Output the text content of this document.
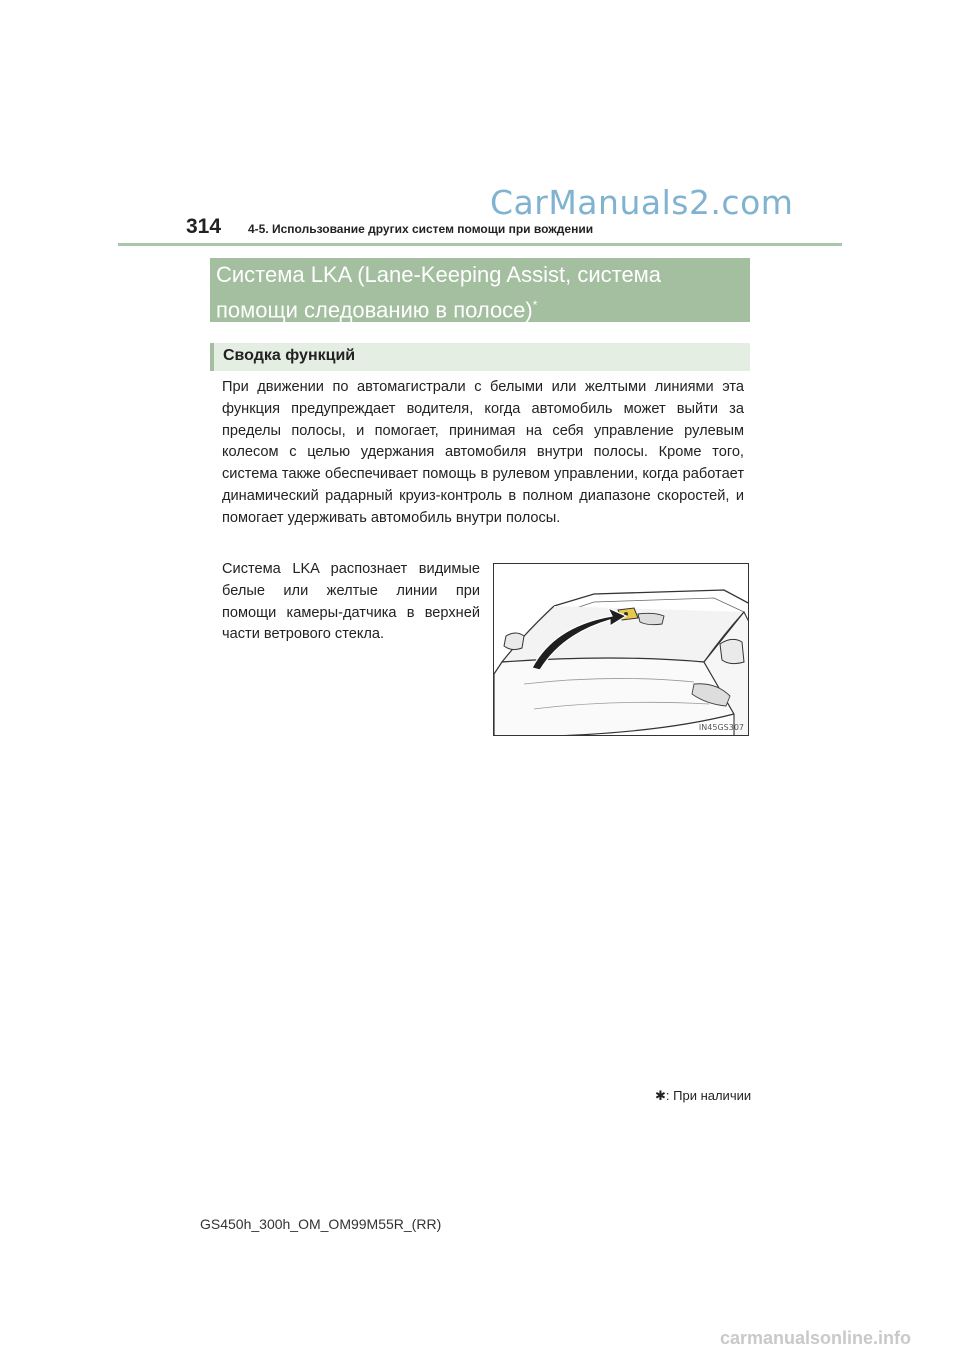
CarManuals2.com
314 4-5. Использование других систем помощи при вождении
Система LKA (Lane-Keeping Assist, система помощи следованию в полосе)*
Сводка функций
При движении по автомагистрали с белыми или желтыми линиями эта функция предупреждает водителя, когда автомобиль может выйти за пределы полосы, и помогает, принимая на себя управление рулевым колесом с целью удержания автомобиля внутри полосы. Кроме того, система также обеспечивает помощь в рулевом управлении, когда работает динамический радарный круиз-контроль в полном диапазоне скоростей, и помогает удерживать автомобиль внутри полосы.
Система LKA распознает видимые белые или желтые линии при помощи камеры-датчика в верхней части ветрового стекла.
IN45GS307
✱: При наличии
GS450h_300h_OM_OM99M55R_(RR)
carmanualsonline.info
